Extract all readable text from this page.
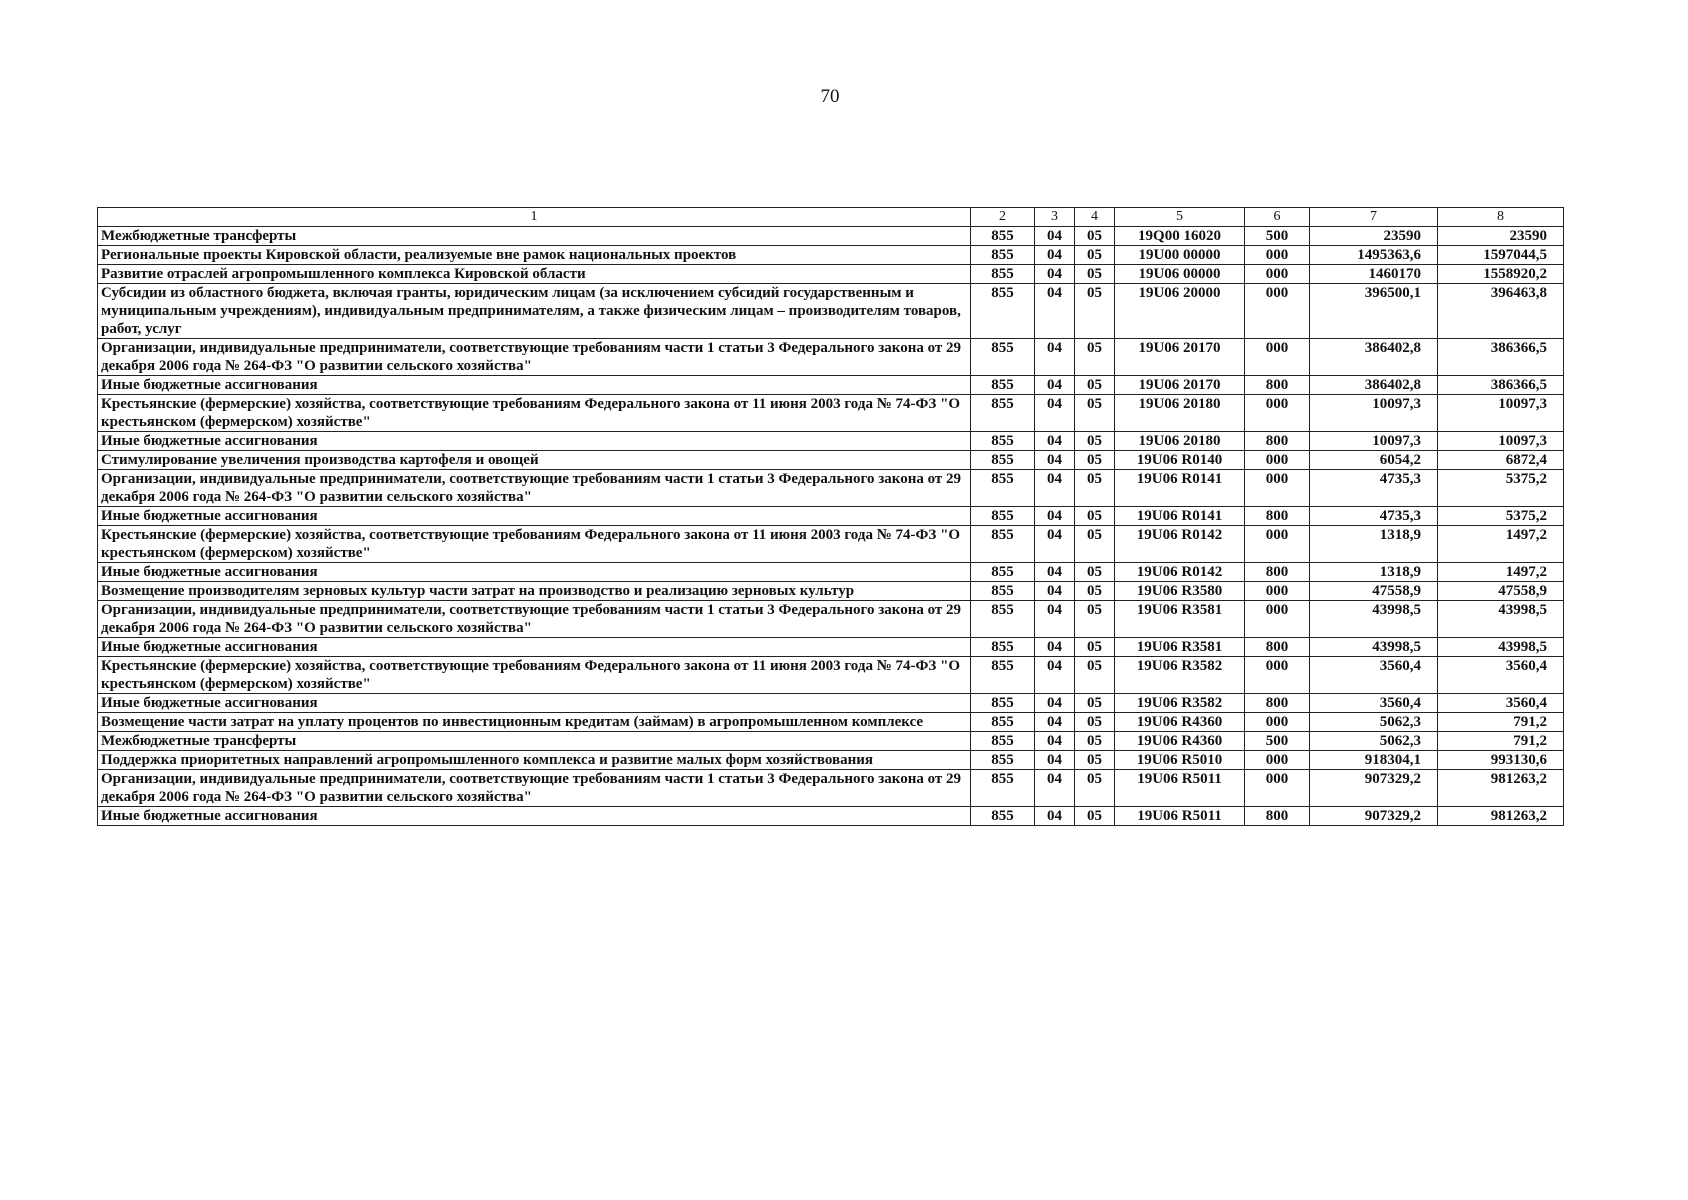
70
1	2	3	4	5	6	7	8
Межбюджетные трансферты	855	04	05	19Q00 16020	500	23590	23590
Региональные проекты Кировской области, реализуемые вне рамок национальных проектов	855	04	05	19U00 00000	000	1495363,6	1597044,5
Развитие отраслей агропромышленного комплекса Кировской области	855	04	05	19U06 00000	000	1460170	1558920,2
Субсидии из областного бюджета, включая гранты, юридическим лицам (за исключением субсидий государственным и муниципальным учреждениям), индивидуальным предпринимателям, а также физическим лицам – производителям товаров, работ, услуг	855	04	05	19U06 20000	000	396500,1	396463,8
Организации, индивидуальные предприниматели, соответствующие требованиям части 1 статьи 3 Федерального закона от 29 декабря 2006 года № 264-ФЗ "О развитии сельского хозяйства"	855	04	05	19U06 20170	000	386402,8	386366,5
Иные бюджетные ассигнования	855	04	05	19U06 20170	800	386402,8	386366,5
Крестьянские (фермерские) хозяйства, соответствующие требованиям Федерального закона от 11 июня 2003 года № 74-ФЗ "О крестьянском (фермерском) хозяйстве"	855	04	05	19U06 20180	000	10097,3	10097,3
Иные бюджетные ассигнования	855	04	05	19U06 20180	800	10097,3	10097,3
Стимулирование увеличения производства картофеля и овощей	855	04	05	19U06 R0140	000	6054,2	6872,4
Организации, индивидуальные предприниматели, соответствующие требованиям части 1 статьи 3 Федерального закона от 29 декабря 2006 года № 264-ФЗ "О развитии сельского хозяйства"	855	04	05	19U06 R0141	000	4735,3	5375,2
Иные бюджетные ассигнования	855	04	05	19U06 R0141	800	4735,3	5375,2
Крестьянские (фермерские) хозяйства, соответствующие требованиям Федерального закона от 11 июня 2003 года № 74-ФЗ "О крестьянском (фермерском) хозяйстве"	855	04	05	19U06 R0142	000	1318,9	1497,2
Иные бюджетные ассигнования	855	04	05	19U06 R0142	800	1318,9	1497,2
Возмещение производителям зерновых культур части затрат на производство и реализацию зерновых культур	855	04	05	19U06 R3580	000	47558,9	47558,9
Организации, индивидуальные предприниматели, соответствующие требованиям части 1 статьи 3 Федерального закона от 29 декабря 2006 года № 264-ФЗ "О развитии сельского хозяйства"	855	04	05	19U06 R3581	000	43998,5	43998,5
Иные бюджетные ассигнования	855	04	05	19U06 R3581	800	43998,5	43998,5
Крестьянские (фермерские) хозяйства, соответствующие требованиям Федерального закона от 11 июня 2003 года № 74-ФЗ "О крестьянском (фермерском) хозяйстве"	855	04	05	19U06 R3582	000	3560,4	3560,4
Иные бюджетные ассигнования	855	04	05	19U06 R3582	800	3560,4	3560,4
Возмещение части затрат на уплату процентов по инвестиционным кредитам (займам) в агропромышленном комплексе	855	04	05	19U06 R4360	000	5062,3	791,2
Межбюджетные трансферты	855	04	05	19U06 R4360	500	5062,3	791,2
Поддержка приоритетных направлений агропромышленного комплекса и развитие малых форм хозяйствования	855	04	05	19U06 R5010	000	918304,1	993130,6
Организации, индивидуальные предприниматели, соответствующие требованиям части 1 статьи 3 Федерального закона от 29 декабря 2006 года № 264-ФЗ "О развитии сельского хозяйства"	855	04	05	19U06 R5011	000	907329,2	981263,2
Иные бюджетные ассигнования	855	04	05	19U06 R5011	800	907329,2	981263,2
